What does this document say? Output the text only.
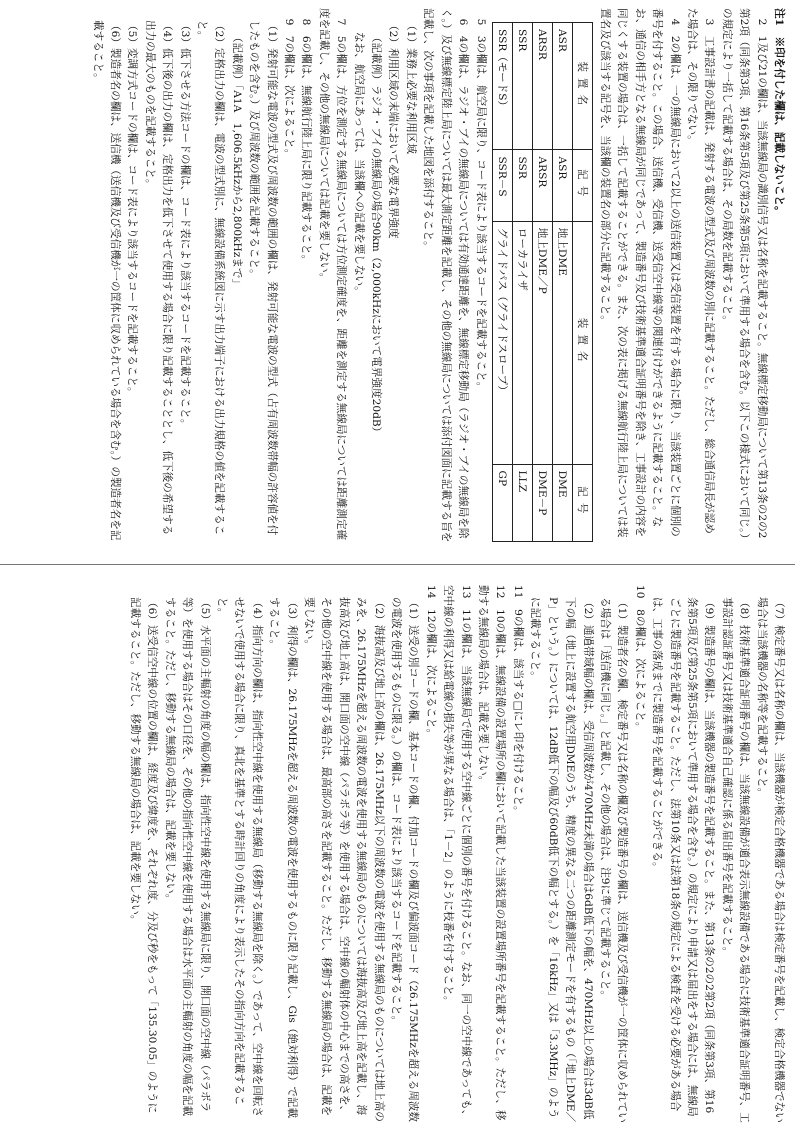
注1　※印を付した欄は、記載しないこと。

　2　1及び21の欄は、当該無線局の識別信号又は名称を記載すること。無線標定移動局について第13条の2の2第2項（同条第3項、第16条第5項及び第25条第5項において準用する場合を含む。以下この様式において同じ。）の規定により一括して記載する場合は、その局数を記載すること。

　3　工事設計書の記載は、発射する電波の型式及び周波数の別に記載すること。ただし、総合通信局長が認めた場合は、その限りでない。

　4　2の欄は、一の無線局において2以上の送信装置又は受信装置を有する場合に限り、当該装置ごとに個別の番号を付すること。この場合、送信機、受信機、送受信空中線等の関連付けができるように記載すること。なお、通信の相手方となる無線局が同じであって、製造番号及び技術基準適合証明番号を除き、工事設計の内容を同じくする装置の場合は、一括して記載することができる。また、次の表に掲げる無線航行陸上局については装置名及び該当する記号を、当該欄の装置名の部分に記載すること。

装置名	記号	装置名	記号
ASR	ASR	地上DME	DME
ARSR	ARSR	地上DME／P	DME－P
SSR	SSR	ローカライザ	LLZ
SSR（モードS）	SSR－S	グライドパス（グライドスロープ）	GP

　5　3の欄は、航空局に限り、コード表により該当するコードを記載すること。

　6　4の欄は、ラジオ・ブイの無線局については有効通達距離を、無線標定移動局（ラジオ・ブイの無線局を除く。）及び無線標定陸上局については最大測定距離を記載し、その他の無線局については添付図面に記載する旨を記載し、次の事項を記載した地図を添付すること。

（1）業務上必要な利用区域

（2）利用区域の末端において必要な電界強度

（記載例）ラジオ・ブイの無線局の場合90km（2,000kHzにおいて電界強度20dB）

なお、航空局にあっては、当該欄への記載を要しない。

　7　5の欄は、方位を測定する無線局については方位測定確度を、距離を測定する無線局については距離測定確度を記載し、その他の無線局については記載を要しない。

　8　6の欄は、無線航行陸上局に限り記載すること。

　9　7の欄は、次によること。

（1）発射可能な電波の型式及び周波数の範囲の欄は、発射可能な電波の型式（占有周波数帯幅の許容値を付したものを含む。）及び周波数の範囲を記載すること。

（記載例）「A1A　1,606.5kHzから2,800kHzまで」

（2）定格出力の欄は、電波の型式別に、無線設備系統図に示す出力端子における出力規格の値を記載すること。

（3）低下させる方法コードの欄は、コード表により該当するコードを記載すること。

（4）低下後の出力の欄は、定格出力を低下させて使用する場合に限り記載することとし、低下後の希望する出力の最大のものを記載すること。

（5）変調方式コードの欄は、コード表により該当するコードを記載すること。

（6）製造者名の欄は、送信機（送信機及び受信機が一の筐体に収められている場合を含む。）の製造者名を記載すること。

（7）検定番号又は名称の欄は、当該機器が検定合格機器である場合は検定番号を記載し、検定合格機器でない場合は当該機器の名称等を記載すること。

（8）技術基準適合証明番号の欄は、当該無線設備が適合表示無線設備である場合に技術基準適合証明番号、工事設計認証番号又は技術基準適合自己確認に係る届出番号を記載すること。

（9）製造番号の欄は、当該機器の製造番号を記載すること。また、第13条の2の2第2項（同条第3項、第16条第5項及び第25条第5項において準用する場合を含む。）の規定により申請又は届出をする場合には、無線局ごとに製造番号を記載すること。ただし、法第10条又は法第18条の規定による検査を受ける必要がある場合は、工事の落成までに製造番号を記載することができる。

10　8の欄は、次によること。

（1）製造者名の欄、検定番号又は名称の欄及び製造番号の欄は、送信機及び受信機が一の筐体に収められている場合は「送信機に同じ。」と記載し、その他の場合は、注9に準じて記載すること。

（2）通過帯域幅の欄は、受信周波数が470MHz未満の場合は6dB低下の幅を、470MHz以上の場合は3dB低下の幅（地上に設置する航空用DMEのうち、精度の異なる二つの距離測定モードを有するもの（「地上DME／P」という。）については、12dB低下の幅及び60dB低下の幅とする。）を「16kHz」又は「3.3MHz」のように記載すること。

11　9の欄は、該当する□にレ印を付けること。

12　10の欄は、無線設備の設置場所の欄において記載した当該装置の設置場所番号を記載すること。ただし、移動する無線局の場合は、記載を要しない。

13　11の欄は、当該無線局で使用する空中線ごとに個別の番号を付けること。なお、同一の空中線であっても、空中線の利得又は給電線の損失等が異なる場合は、「1－2」のように枝番を付すること。

14　12の欄は、次によること。

（1）送受の別コードの欄、基本コードの欄、付加コードの欄及び偏波面コード（26.175MHzを超える周波数の電波を使用するものに限る。）の欄は、コード表により該当するコードを記載すること。

（2）海抜高及び地上高の欄は、26.175MHz以下の周波数の電波を使用する無線局のものについては地上高のみを、26.175MHzを超える周波数の電波を使用する無線局のものについては海抜高及び地上高を記載し、海抜高及び地上高は、開口面の空中線（パラボラ等）を使用する場合は、空中線の輻射体の中心までの高さを、その他の空中線を使用する場合は、最高部の高さを記載すること。ただし、移動する無線局の場合は、記載を要しない。

（3）利得の欄は、26.175MHzを超える周波数の電波を使用するものに限り記載し、Gis（絶対利得）で記載すること。

（4）指向方向の欄は、指向性空中線を使用する無線局（移動する無線局を除く。）であって、空中線を回転させないで使用する場合に限り、真北を基準とする時計回りの角度により表示したその指向方向を記載すること。

（5）水平面の主輻射の角度の幅の欄は、指向性空中線を使用する無線局に限り、開口面の空中線（パラボラ等）を使用する場合はその口径を、その他の指向性空中線を使用する場合は水平面の主輻射の角度の幅を記載すること。ただし、移動する無線局の場合は、記載を要しない。

（6）送受信空中線の位置の欄は、経度及び緯度を、それぞれ度、分及び秒をもって「135.30.05」のように記載すること。ただし、移動する無線局の場合は、記載を要しない。
